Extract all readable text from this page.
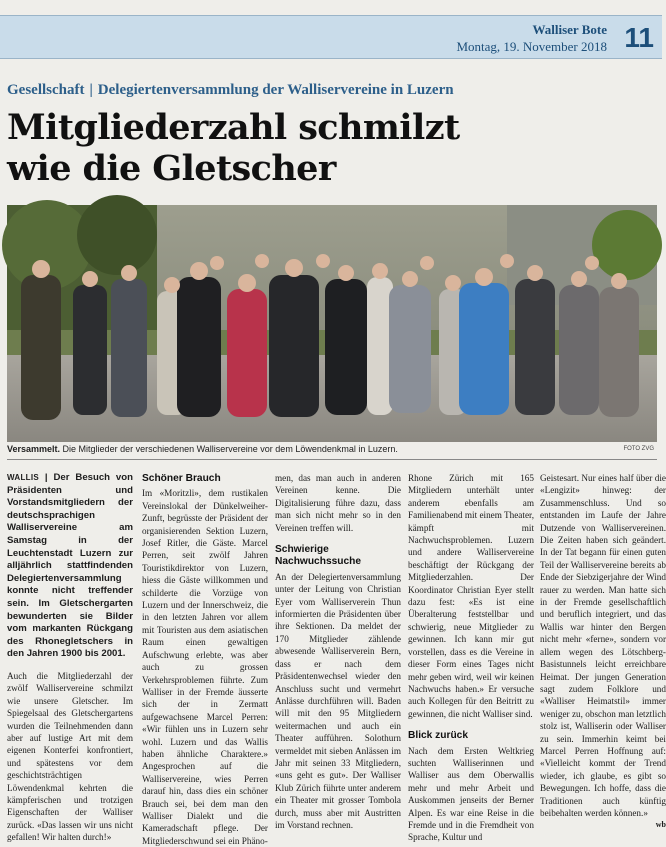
Walliser Bote
Montag, 19. November 2018 11
Gesellschaft | Delegiertenversammlung der Walliservereine in Luzern
Mitgliederzahl schmilzt
wie die Gletscher
Versammelt. Die Mitglieder der verschiedenen Walliservereine vor dem Löwendenkmal in Luzern.	FOTO ZVG

WALLIS | Der Besuch von Präsidenten und Vorstandsmitgliedern der deutschsprachigen Walliservereine am Samstag in der Leuchtenstadt Luzern zur alljährlich stattfindenden Delegiertenversammlung konnte nicht treffender sein. Im Gletschergarten bewunderten sie Bilder vom markanten Rückgang des Rhonegletschers in den Jahren 1900 bis 2001.

Auch die Mitgliederzahl der zwölf Walliservereine schmilzt wie unsere Gletscher. Im Spiegelsaal des Gletschergartens wurden die Teilnehmenden dann aber auf lustige Art mit dem eigenen Konterfei konfrontiert, und spätestens vor dem geschichtsträchtigen Löwendenkmal kehrten die kämpferischen und trotzigen Eigenschaften der Walliser zurück. «Das lassen wir uns nicht gefallen! Wir halten durch!»

Schöner Brauch

Im «Moritzli», dem rustikalen Vereinslokal der Dünkelweiher-Zunft, begrüsste der Präsident der organisierenden Sektion Luzern, Josef Ritler, die Gäste. Marcel Perren, seit zwölf Jahren Touristikdirektor von Luzern, hiess die Gäste willkommen und schilderte die Vorzüge von Luzern und der Innerschweiz, die in den letzten Jahren vor allem mit Touristen aus dem asiatischen Raum einen gewaltigen Aufschwung erlebte, was aber auch zu grossen Verkehrsproblemen führte. Zum Walliser in der Fremde äusserte sich der in Zermatt aufgewachsene Marcel Perren: «Wir fühlen uns in Luzern sehr wohl. Luzern und das Wallis haben ähnliche Charaktere.» Angesprochen auf die Walliservereine, wies Perren darauf hin, dass dies ein schöner Brauch sei, bei dem man den Walliser Dialekt und die Kameradschaft pflege. Der Mitgliederschwund sei ein Phäno-

men, das man auch in anderen Vereinen kenne. Die Digitalisierung führe dazu, dass man sich nicht mehr so in den Vereinen treffen will.

Schwierige Nachwuchssuche

An der Delegiertenversammlung unter der Leitung von Christian Eyer vom Walliserverein Thun informierten die Präsidenten über ihre Sektionen. Da meldet der 170 Mitglieder zählende abwesende Walliserverein Bern, dass er nach dem Präsidentenwechsel wieder den Anschluss sucht und vermehrt Anlässe durchführen will. Baden will mit den 95 Mitgliedern weitermachen und auch ein Theater aufführen. Solothurn vermeldet mit sieben Anlässen im Jahr mit seinen 33 Mitgliedern, «uns geht es gut». Der Walliser Klub Zürich führte unter anderem ein Theater mit grosser Tombola durch, muss aber mit Austritten im Vorstand rechnen.

Rhone Zürich mit 165 Mitgliedern unterhält unter anderem ebenfalls am Familienabend mit einem Theater, kämpft mit Nachwuchsproblemen. Luzern und andere Walliservereine beschäftigt der Rückgang der Mitgliederzahlen. Der Koordinator Christian Eyer stellt dazu fest: «Es ist eine Überalterung feststellbar und schwierig, neue Mitglieder zu gewinnen. Ich kann mir gut vorstellen, dass es die Vereine in dieser Form eines Tages nicht mehr geben wird, weil wir keinen Nachwuchs haben.» Er versuche auch Kollegen für den Beitritt zu gewinnen, die nicht Walliser sind.

Blick zurück

Nach dem Ersten Weltkrieg suchten Walliserinnen und Walliser aus dem Oberwallis mehr und mehr Arbeit und Auskommen jenseits der Berner Alpen. Es war eine Reise in die Fremde und in die Fremdheit von Sprache, Kultur und

Geistesart. Nur eines half über die «Lengizit» hinweg: der Zusammenschluss. Und so entstanden im Laufe der Jahre Dutzende von Walliservereinen. Die Zeiten haben sich geändert. In der Tat begann für einen guten Teil der Walliservereine bereits ab Ende der Siebzigerjahre der Wind rauer zu werden. Man hatte sich in der Fremde gesellschaftlich und beruflich integriert, und das Wallis war hinter den Bergen nicht mehr «ferne», sondern vor allem wegen des Lötschberg-Basistunnels leicht erreichbare Heimat. Der jungen Generation sagt zudem Folklore und «Walliser Heimatstil» immer weniger zu, obschon man letztlich stolz ist, Walliserin oder Walliser zu sein. Immerhin keimt bei Marcel Perren Hoffnung auf: «Vielleicht kommt der Trend wieder, ich glaube, es gibt so Bewegungen. Ich hoffe, dass die Traditionen auch künftig beibehalten werden können.»

wb
